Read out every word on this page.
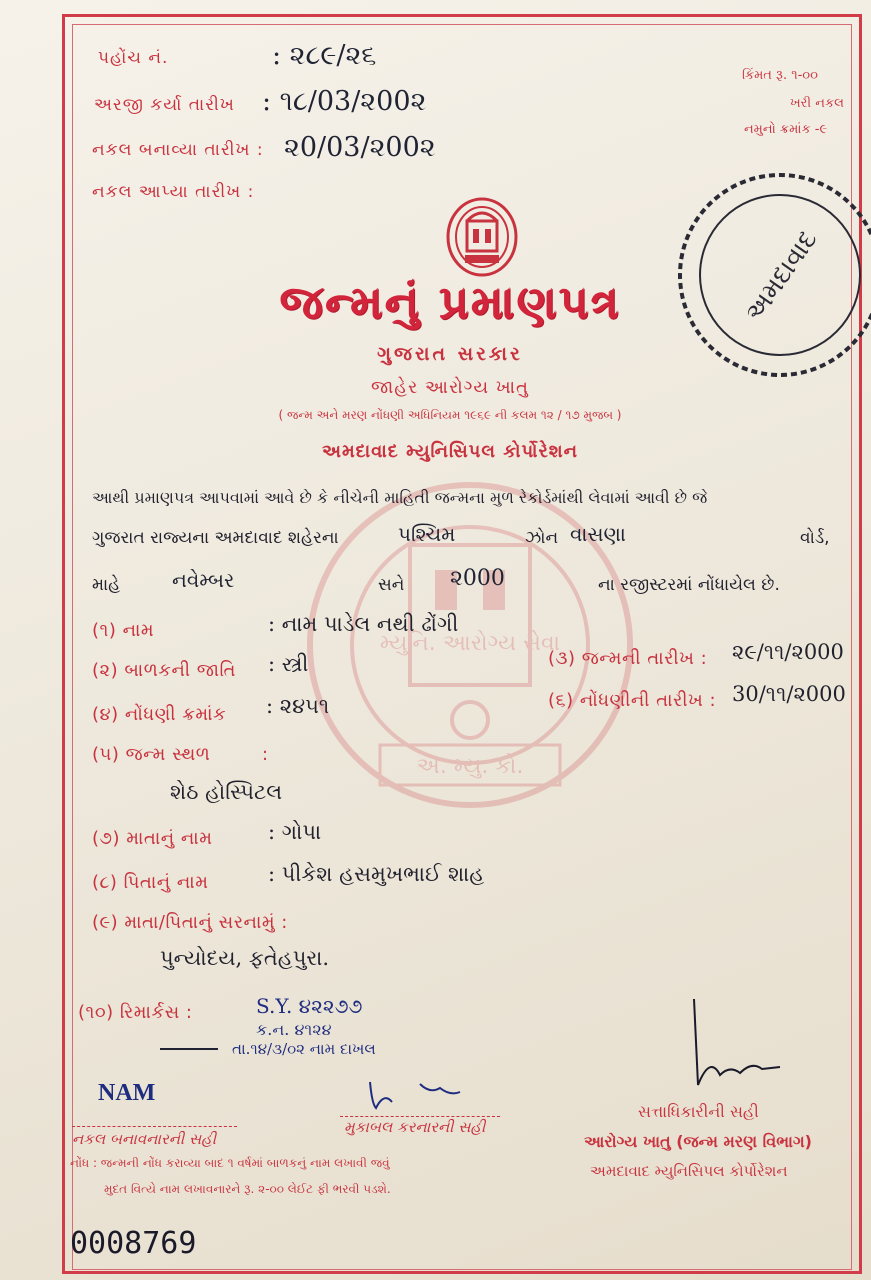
મ્યુનિ. આરોગ્ય સેવા
અ. મ્યુ. કો.
અમદાવાદ
પહોંચ નં.	: ૨૮૯/૨૬
અરજી કર્યા તારીખ : ૧૮/03/૨00૨
નકલ બનાવ્યા તારીખ : ૨0/03/૨00૨
નકલ આપ્યા તારીખ :
કિંમત રૂ. ૧-૦૦
ખરી નકલ
નમુનો ક્રમાંક -૯
જન્મનું પ્રમાણપત્ર
ગુજરાત સરકાર
જાહેર આરોગ્ય ખાતુ
( જન્મ અને મરણ નોંધણી અધિનિયમ ૧૯૬૯ ની કલમ ૧૨ / ૧૭ મુજબ )
અમદાવાદ મ્યુનિસિપલ કોર્પોરેશન
આથી પ્રમાણપત્ર આપવામાં આવે છે કે નીચેની માહિતી જન્મના મુળ રેકોર્ડમાંથી લેવામાં આવી છે જે
ગુજરાત રાજ્યના અમદાવાદ શહેરના	પશ્ચિમ	ઝોન વાસણા	વોર્ડ,
માહે	નવેમ્બર	સને ૨000	ના રજીસ્ટરમાં નોંધાયેલ છે.
(૧) નામ	: નામ પાડેલ નથી ઢોંગી
(૨) બાળકની જાતિ : સ્ત્રી	(૩) જન્મની તારીખ : ૨૯/૧૧/૨000
(૪) નોંધણી ક્રમાંક : ૨૪૫૧	(૬) નોંધણીની તારીખ : 30/૧૧/૨000
(૫) જન્મ સ્થળ	:
શેઠ હોસ્પિટલ
(૭) માતાનું નામ	: ગોપા
(૮) પિતાનું નામ	: પીકેશ હસમુખભાઈ શાહ
(૯) માતા/પિતાનું સરનામું :
પુન્યોદય, ફતેહપુરા.
(૧૦) રિમાર્કસ :	S.Y. ૪૨૨૭૭
ક.ન. ૪૧૨૪
તા.૧૪/૩/૦૨ નામ દાખલ
NAM
નકલ બનાવનારની સહી
મુકાબલ કરનારની સહી
સત્તાધિકારીની સહી
આરોગ્ય ખાતુ (જન્મ મરણ વિભાગ)
અમદાવાદ મ્યુનિસિપલ કોર્પોરેશન
નોંધ : જન્મની નોંધ કરાવ્યા બાદ ૧ વર્ષમાં બાળકનું નામ લખાવી જવું
મુદત વિત્યે નામ લખાવનારને રૂ. ૨-૦૦ લેઈટ ફી ભરવી પડશે.
0008769
